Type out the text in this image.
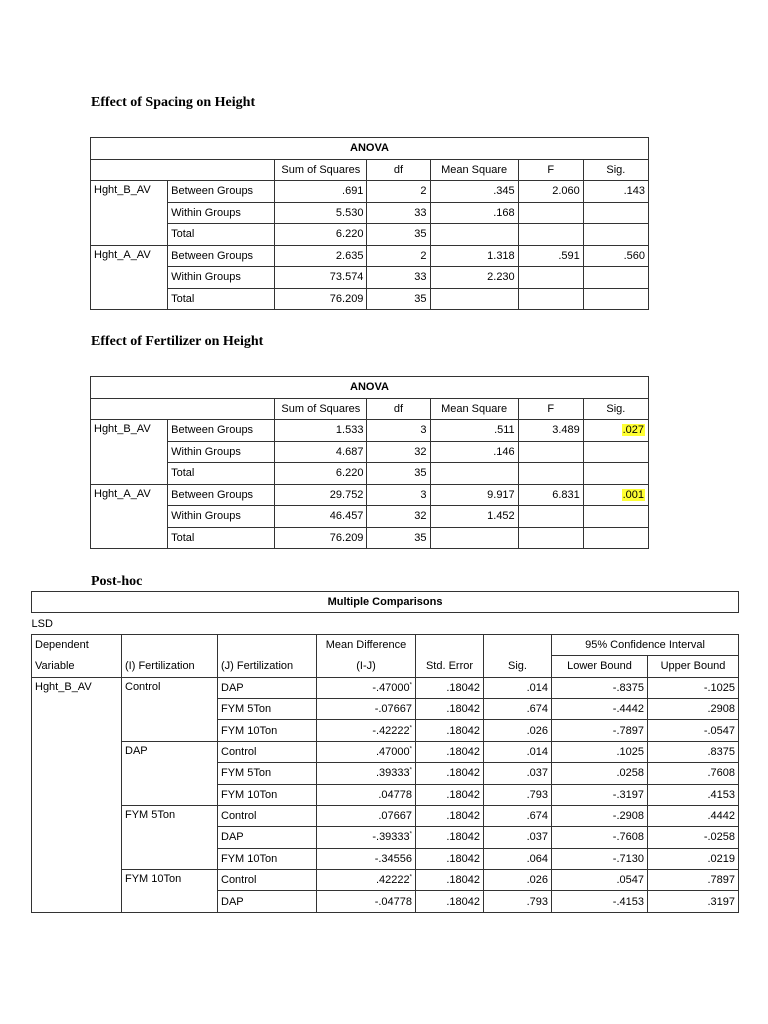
Effect of Spacing on Height
ANOVA						
		Sum of Squares	df	Mean Square	F	Sig.
Hght_B_AV	Between Groups	.691	2	.345	2.060	.143
	Within Groups	5.530	33	.168		
	Total	6.220	35			
Hght_A_AV	Between Groups	2.635	2	1.318	.591	.560
	Within Groups	73.574	33	2.230		
	Total	76.209	35			
Effect of Fertilizer on Height
ANOVA						
		Sum of Squares	df	Mean Square	F	Sig.
Hght_B_AV	Between Groups	1.533	3	.511	3.489	.027
	Within Groups	4.687	32	.146		
	Total	6.220	35			
Hght_A_AV	Between Groups	29.752	3	9.917	6.831	.001
	Within Groups	46.457	32	1.452		
	Total	76.209	35			
Post-hoc
Multiple Comparisons							
LSD							
Dependent			Mean Difference			95% Confidence Interval	
Variable	(I) Fertilization	(J) Fertilization	(I-J)	Std. Error	Sig.	Lower Bound	Upper Bound
Hght_B_AV	Control	DAP	-.47000*	.18042	.014	-.8375	-.1025
		FYM 5Ton	-.07667	.18042	.674	-.4442	.2908
		FYM 10Ton	-.42222*	.18042	.026	-.7897	-.0547
	DAP	Control	.47000*	.18042	.014	.1025	.8375
		FYM 5Ton	.39333*	.18042	.037	.0258	.7608
		FYM 10Ton	.04778	.18042	.793	-.3197	.4153
	FYM 5Ton	Control	.07667	.18042	.674	-.2908	.4442
		DAP	-.39333*	.18042	.037	-.7608	-.0258
		FYM 10Ton	-.34556	.18042	.064	-.7130	.0219
	FYM 10Ton	Control	.42222*	.18042	.026	.0547	.7897
		DAP	-.04778	.18042	.793	-.4153	.3197
